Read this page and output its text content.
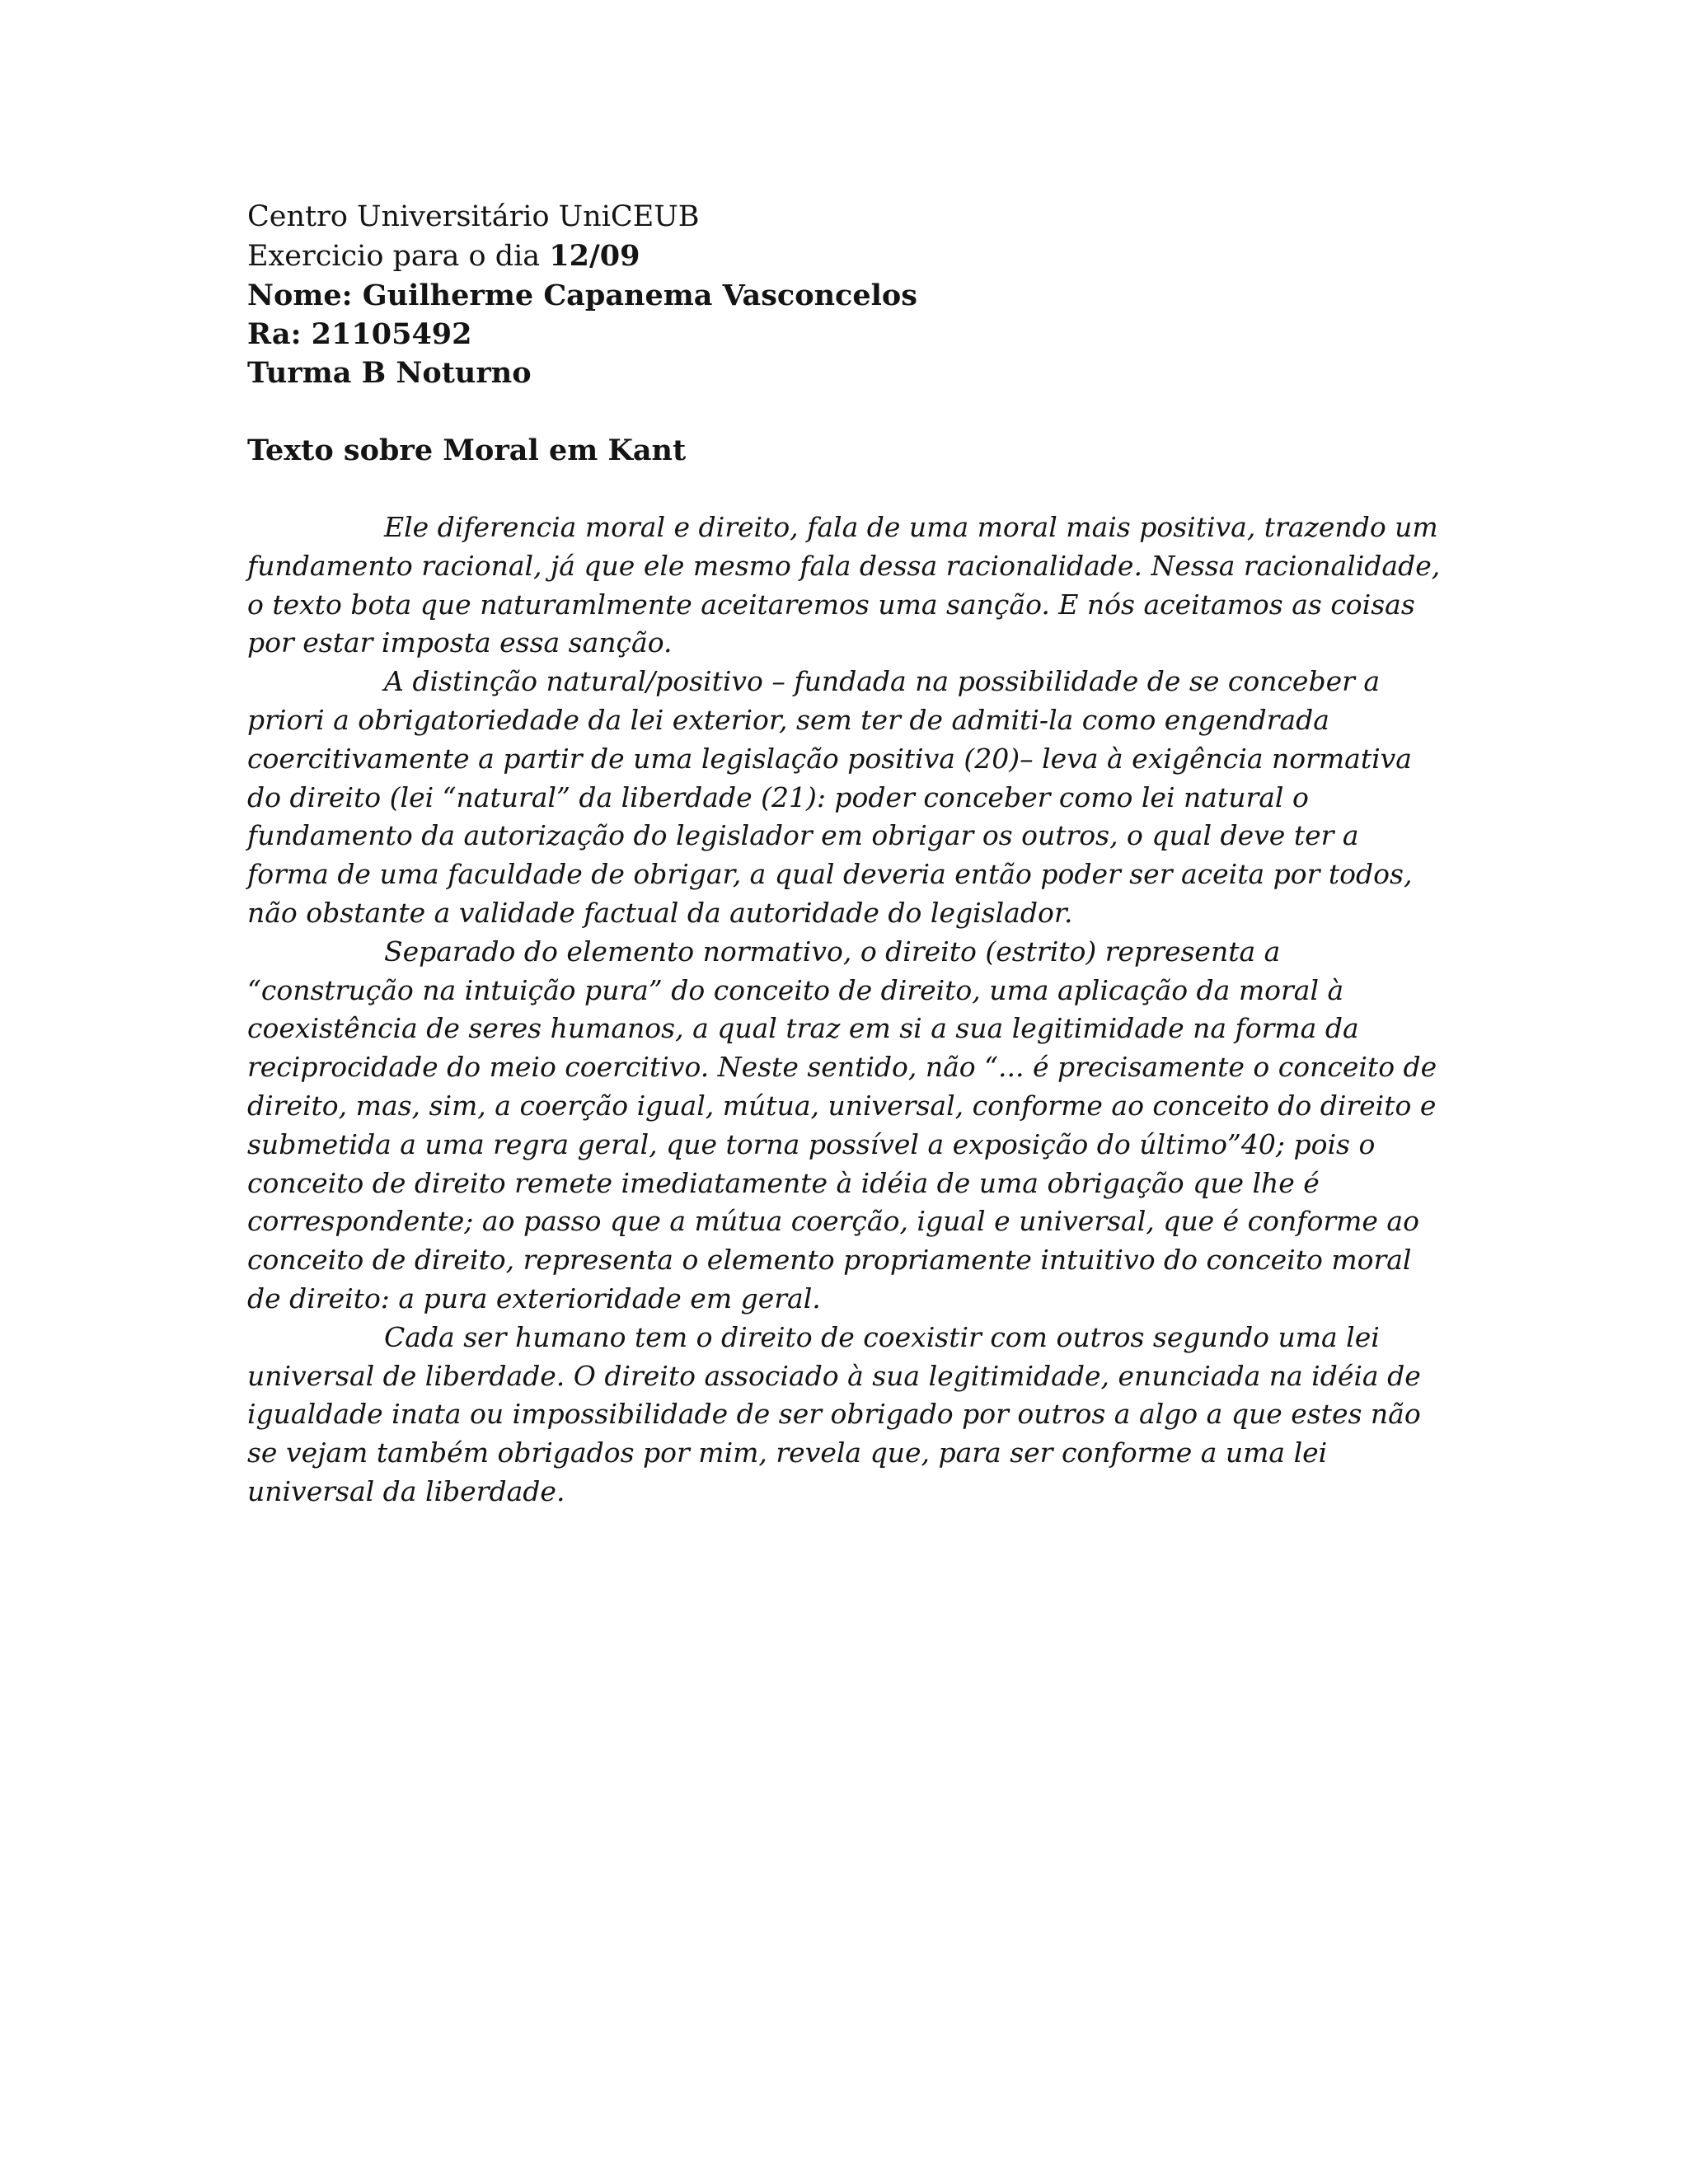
Centro Universitário UniCEUB
Exercicio para o dia 12/09
Nome: Guilherme Capanema Vasconcelos
Ra: 21105492
Turma B Noturno
Texto sobre Moral em Kant
Ele diferencia moral e direito, fala de uma moral mais positiva, trazendo um
fundamento racional, já que ele mesmo fala dessa racionalidade. Nessa racionalidade,
o texto bota que naturamlmente aceitaremos uma sanção. E nós aceitamos as coisas
por estar imposta essa sanção.
A distinção natural/positivo – fundada na possibilidade de se conceber a
priori a obrigatoriedade da lei exterior, sem ter de admiti-la como engendrada
coercitivamente a partir de uma legislação positiva (20)– leva à exigência normativa
do direito (lei “natural” da liberdade (21): poder conceber como lei natural o
fundamento da autorização do legislador em obrigar os outros, o qual deve ter a
forma de uma faculdade de obrigar, a qual deveria então poder ser aceita por todos,
não obstante a validade factual da autoridade do legislador.
Separado do elemento normativo, o direito (estrito) representa a
“construção na intuição pura” do conceito de direito, uma aplicação da moral à
coexistência de seres humanos, a qual traz em si a sua legitimidade na forma da
reciprocidade do meio coercitivo. Neste sentido, não “... é precisamente o conceito de
direito, mas, sim, a coerção igual, mútua, universal, conforme ao conceito do direito e
submetida a uma regra geral, que torna possível a exposição do último”40; pois o
conceito de direito remete imediatamente à idéia de uma obrigação que lhe é
correspondente; ao passo que a mútua coerção, igual e universal, que é conforme ao
conceito de direito, representa o elemento propriamente intuitivo do conceito moral
de direito: a pura exterioridade em geral.
Cada ser humano tem o direito de coexistir com outros segundo uma lei
universal de liberdade. O direito associado à sua legitimidade, enunciada na idéia de
igualdade inata ou impossibilidade de ser obrigado por outros a algo a que estes não
se vejam também obrigados por mim, revela que, para ser conforme a uma lei
universal da liberdade.
